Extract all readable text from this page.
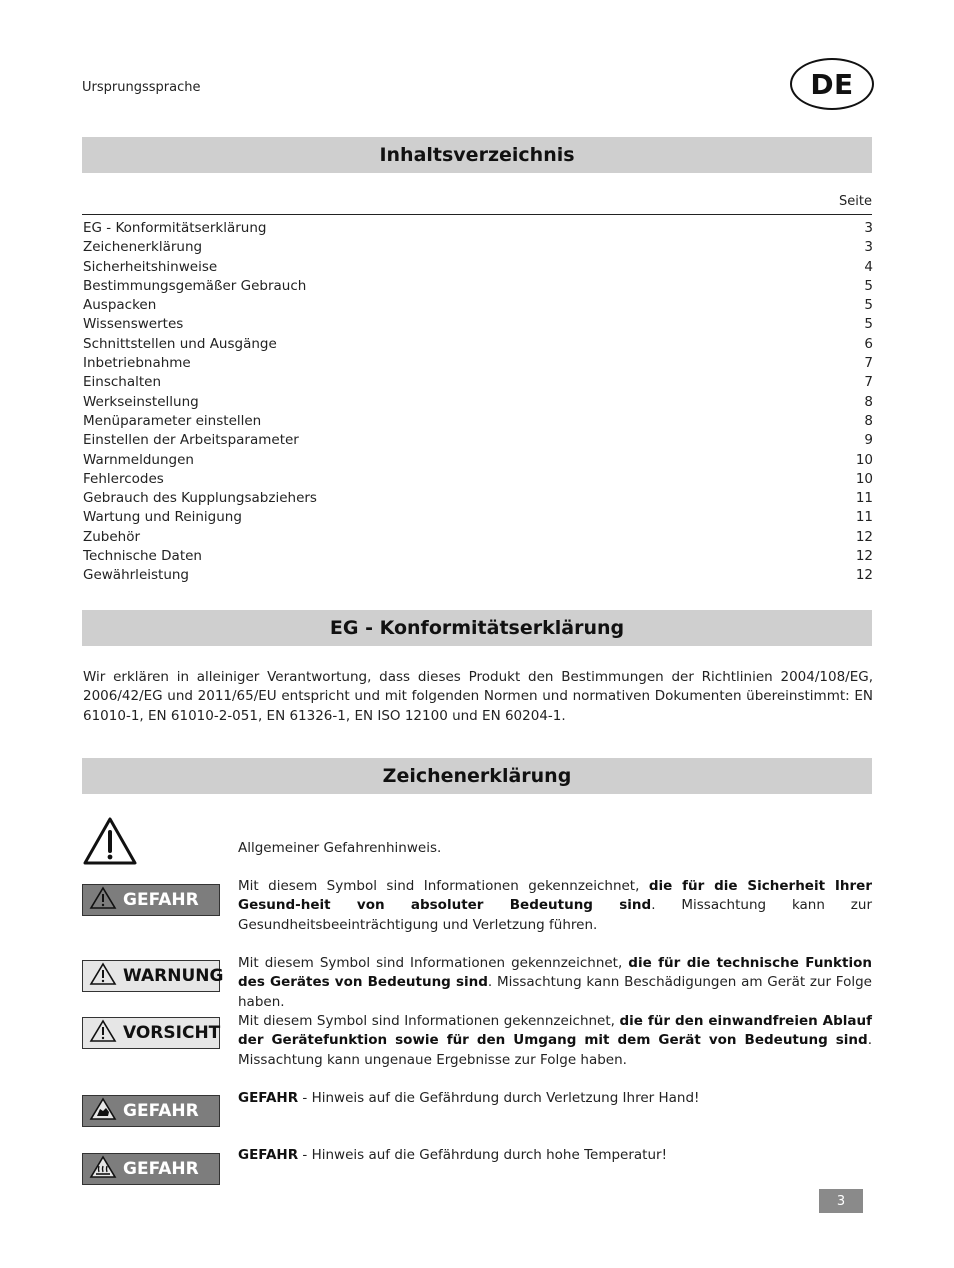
Ursprungssprache	DE
Inhaltsverzeichnis
Seite
EG - Konformitätserklärung	3
Zeichenerklärung	3
Sicherheitshinweise	4
Bestimmungsgemäßer Gebrauch	5
Auspacken	5
Wissenswertes	5
Schnittstellen und Ausgänge	6
Inbetriebnahme	7
Einschalten	7
Werkseinstellung	8
Menüparameter einstellen	8
Einstellen der Arbeitsparameter	9
Warnmeldungen	10
Fehlercodes	10
Gebrauch des Kupplungsabziehers	11
Wartung und Reinigung	11
Zubehör	12
Technische Daten	12
Gewährleistung	12
EG - Konformitätserklärung
Wir erklären in alleiniger Verantwortung, dass dieses Produkt den Bestimmungen der Richtlinien 2004/108/EG, 2006/42/EG und 2011/65/EU entspricht und mit folgenden Normen und normativen Dokumenten übereinstimmt: EN 61010-1, EN 61010-2-051, EN 61326-1, EN ISO 12100 und EN 60204-1.
Zeichenerklärung
Allgemeiner Gefahrenhinweis.
GEFAHR
Mit diesem Symbol sind Informationen gekennzeichnet, die für die Sicherheit Ihrer Gesund-heit von absoluter Bedeutung sind. Missachtung kann zur Gesundheitsbeeinträchtigung und Verletzung führen.
WARNUNG
Mit diesem Symbol sind Informationen gekennzeichnet, die für die technische Funktion des Gerätes von Bedeutung sind. Missachtung kann Beschädigungen am Gerät zur Folge haben.
VORSICHT
Mit diesem Symbol sind Informationen gekennzeichnet, die für den einwandfreien Ablauf der Gerätefunktion sowie für den Umgang mit dem Gerät von Bedeutung sind. Missachtung kann ungenaue Ergebnisse zur Folge haben.
GEFAHR
GEFAHR - Hinweis auf die Gefährdung durch Verletzung Ihrer Hand!
GEFAHR
GEFAHR - Hinweis auf die Gefährdung durch hohe Temperatur!
3
